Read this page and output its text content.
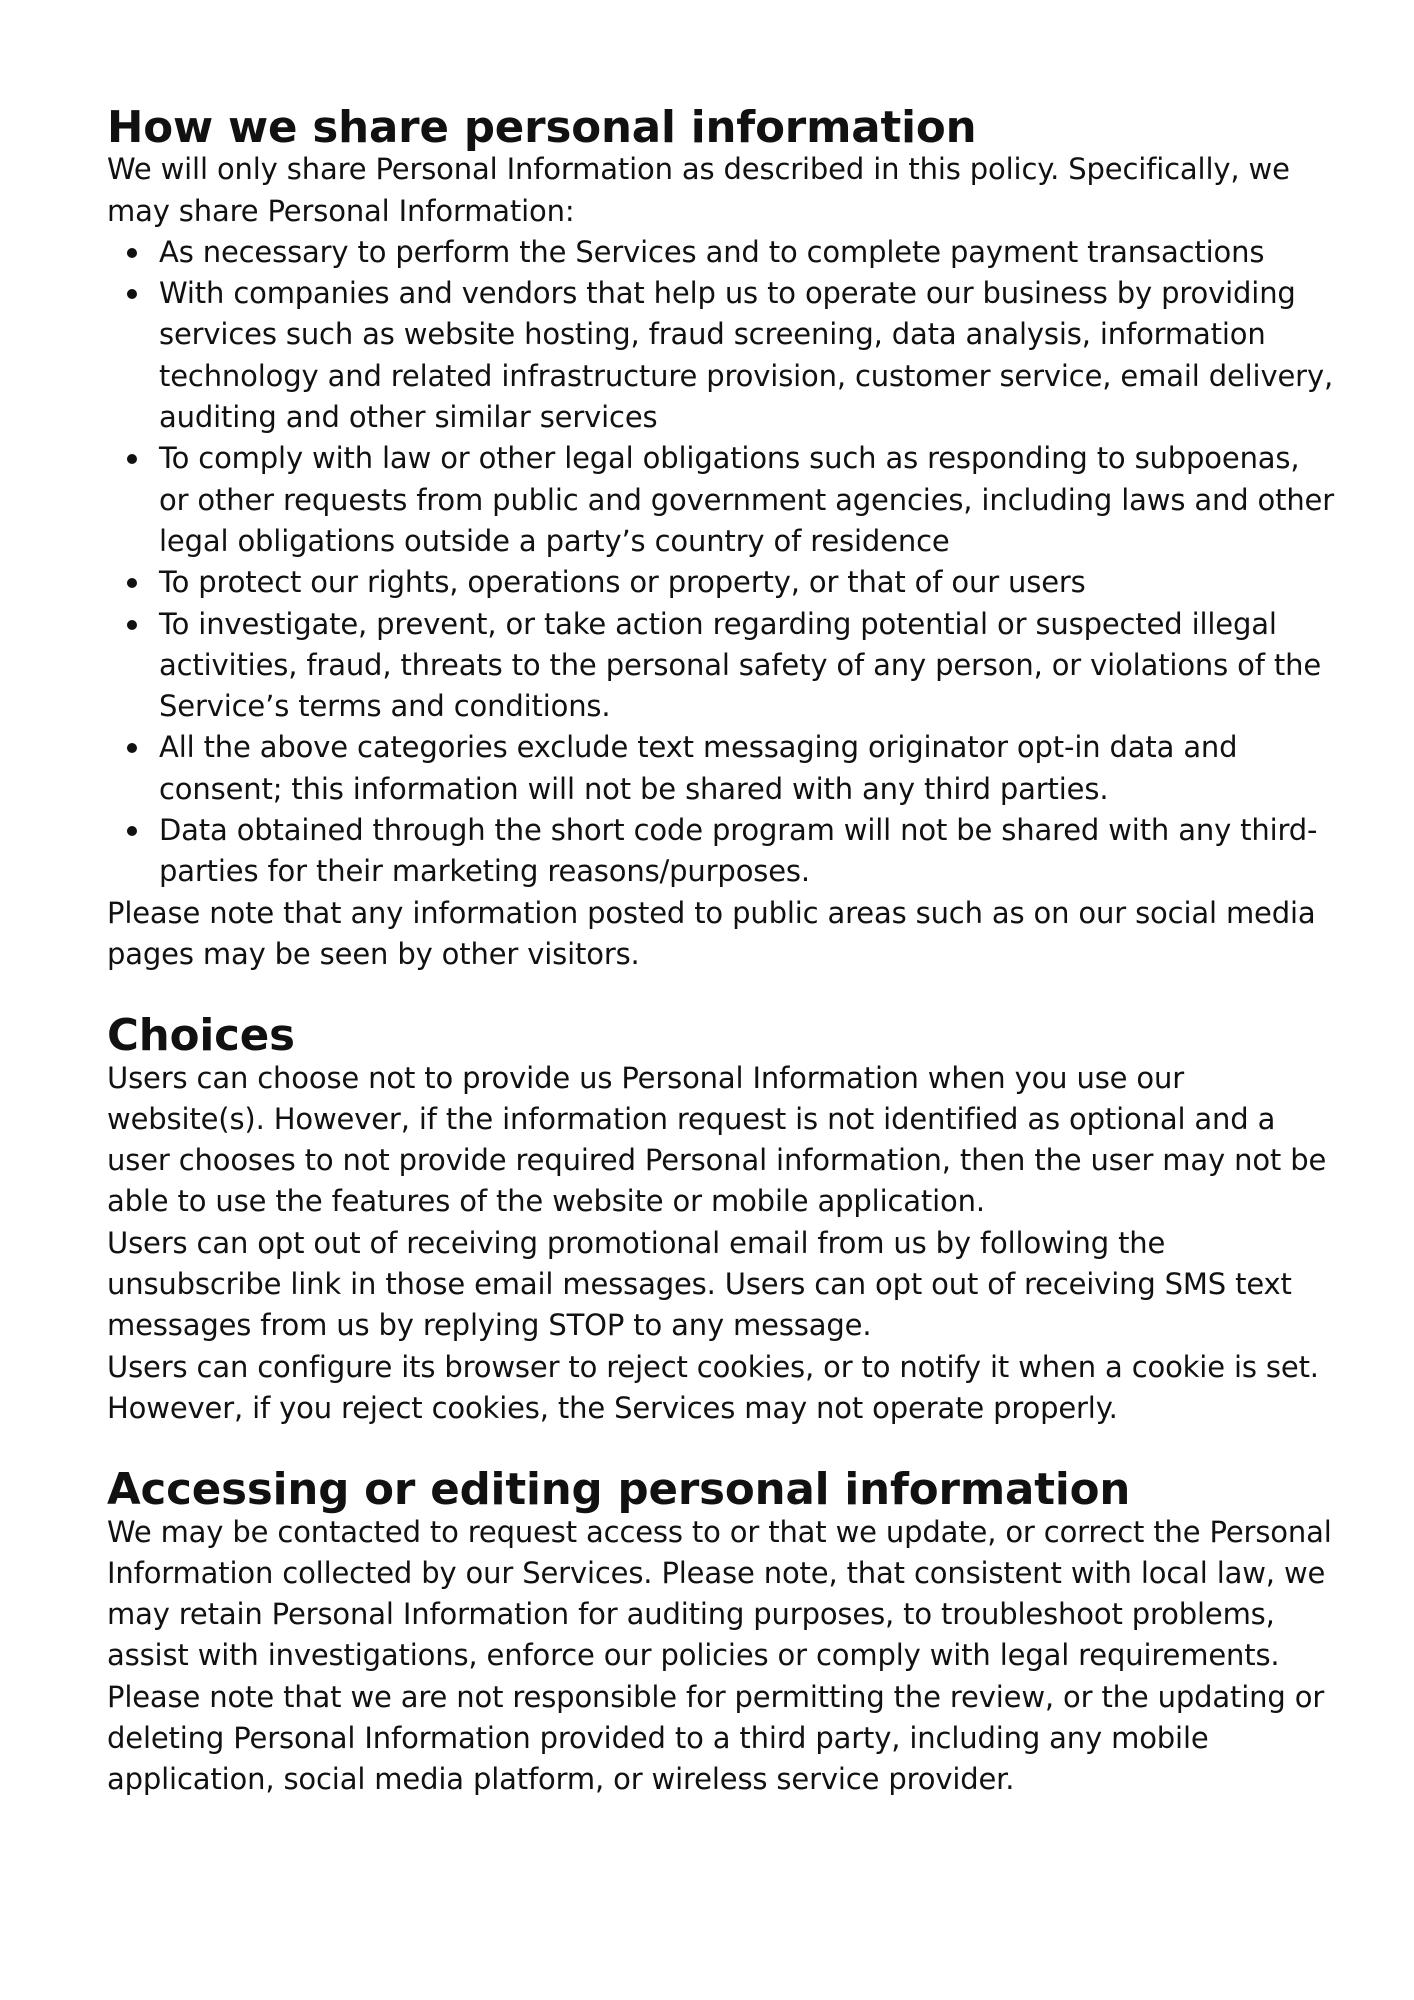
How we share personal information

We will only share Personal Information as described in this policy. Specifically, we may share Personal Information:

As necessary to perform the Services and to complete payment transactions
With companies and vendors that help us to operate our business by providing services such as website hosting, fraud screening, data analysis, information technology and related infrastructure provision, customer service, email delivery, auditing and other similar services
To comply with law or other legal obligations such as responding to subpoenas, or other requests from public and government agencies, including laws and other legal obligations outside a party’s country of residence
To protect our rights, operations or property, or that of our users
To investigate, prevent, or take action regarding potential or suspected illegal activities, fraud, threats to the personal safety of any person, or violations of the Service’s terms and conditions.
All the above categories exclude text messaging originator opt-in data and consent; this information will not be shared with any third parties.
Data obtained through the short code program will not be shared with any third-parties for their marketing reasons/purposes.

Please note that any information posted to public areas such as on our social media pages may be seen by other visitors.

Choices

Users can choose not to provide us Personal Information when you use our website(s). However, if the information request is not identified as optional and a user chooses to not provide required Personal information, then the user may not be able to use the features of the website or mobile application.

Users can opt out of receiving promotional email from us by following the unsubscribe link in those email messages. Users can opt out of receiving SMS text messages from us by replying STOP to any message.

Users can configure its browser to reject cookies, or to notify it when a cookie is set. However, if you reject cookies, the Services may not operate properly.

Accessing or editing personal information

We may be contacted to request access to or that we update, or correct the Personal Information collected by our Services. Please note, that consistent with local law, we may retain Personal Information for auditing purposes, to troubleshoot problems, assist with investigations, enforce our policies or comply with legal requirements. Please note that we are not responsible for permitting the review, or the updating or deleting Personal Information provided to a third party, including any mobile application, social media platform, or wireless service provider.
